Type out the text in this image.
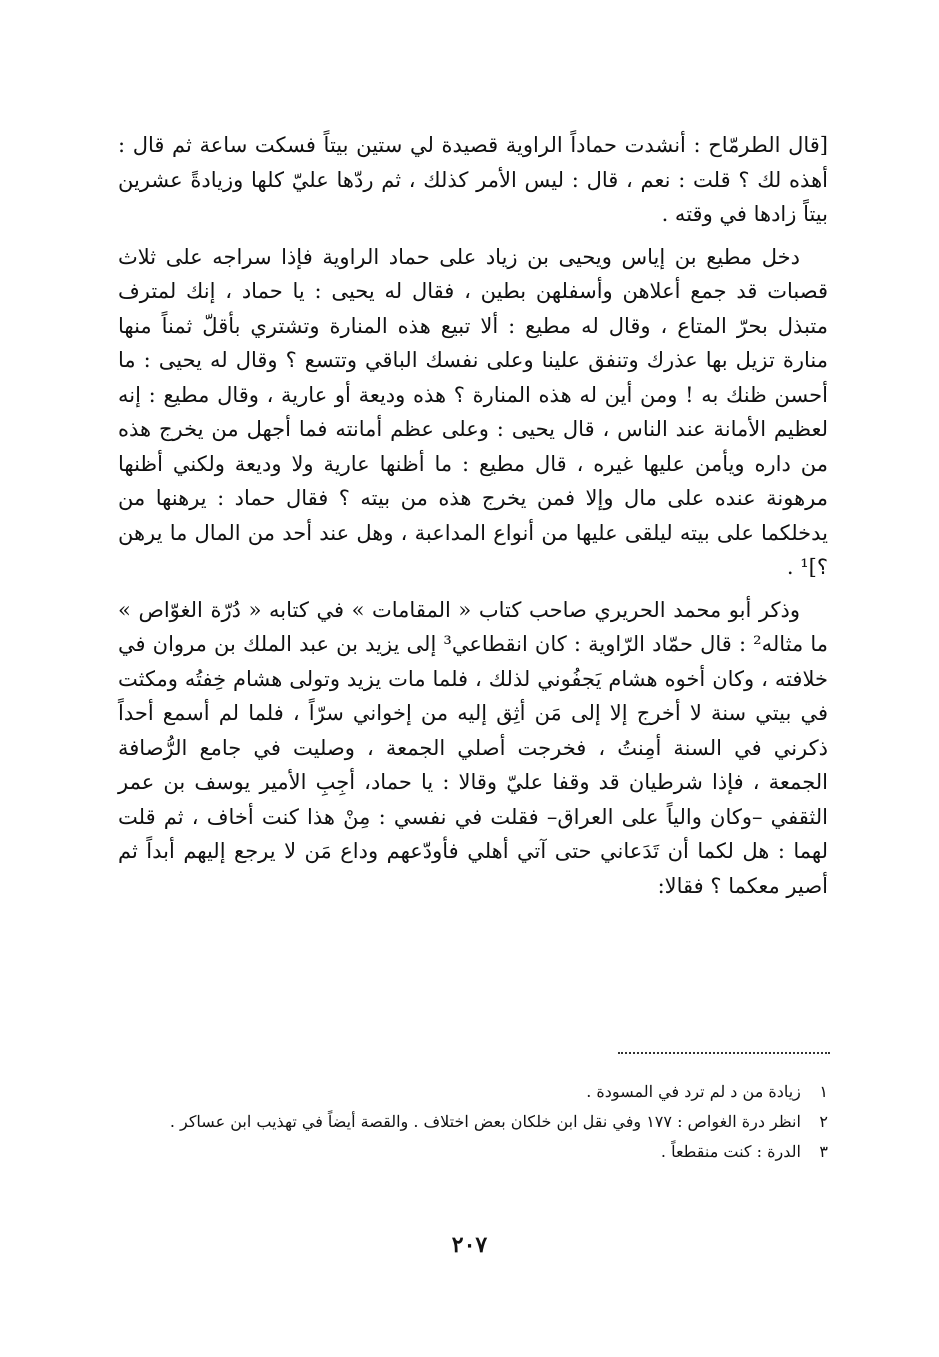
[قال الطرمّاح : أنشدت حماداً الراوية قصيدة لي ستين بيتاً فسكت ساعة ثم قال : أهذه لك ؟ قلت : نعم ، قال : ليس الأمر كذلك ، ثم ردّها عليّ كلها وزيادةً عشرين بيتاً زادها في وقته .

دخل مطيع بن إياس ويحيى بن زياد على حماد الراوية فإذا سراجه على ثلاث قصبات قد جمع أعلاهن وأسفلهن بطين ، فقال له يحيى : يا حماد ، إنك لمترف متبذل بحرّ المتاع ، وقال له مطيع : ألا تبيع هذه المنارة وتشتري بأقلّ ثمناً منها منارة تزيل بها عذرك وتنفق علينا وعلى نفسك الباقي وتتسع ؟ وقال له يحيى : ما أحسن ظنك به ! ومن أين له هذه المنارة ؟ هذه وديعة أو عارية ، وقال مطيع : إنه لعظيم الأمانة عند الناس ، قال يحيى : وعلى عظم أمانته فما أجهل من يخرج هذه من داره ويأمن عليها غيره ، قال مطيع : ما أظنها عارية ولا وديعة ولكني أظنها مرهونة عنده على مال وإلا فمن يخرج هذه من بيته ؟ فقال حماد : يرهنها من يدخلكما على بيته ليلقى عليها من أنواع المداعبة ، وهل عند أحد من المال ما يرهن ؟]¹ .

وذكر أبو محمد الحريري صاحب كتاب « المقامات » في كتابه « دُرّة الغوّاص » ما مثاله² : قال حمّاد الرّاوية : كان انقطاعي³ إلى يزيد بن عبد الملك بن مروان في خلافته ، وكان أخوه هشام يَجفُوني لذلك ، فلما مات يزيد وتولى هشام خِفتُه ومكثت في بيتي سنة لا أخرج إلا إلى مَن أثِق إليه من إخواني سرّاً ، فلما لم أسمع أحداً ذكرني في السنة أمِنتُ ، فخرجت أصلي الجمعة ، وصليت في جامع الرُّصافة الجمعة ، فإذا شرطيان قد وقفا عليّ وقالا : يا حماد، أجِبِ الأمير يوسف بن عمر الثقفي –وكان والياً على العراق– فقلت في نفسي : مِنْ هذا كنت أخاف ، ثم قلت لهما : هل لكما أن تَدَعاني حتى آتي أهلي فأودّعهم وداع مَن لا يرجع إليهم أبداً ثم أصير معكما ؟ فقالا:

١ زيادة من د لم ترد في المسودة .

٢ انظر درة الغواص : ١٧٧ وفي نقل ابن خلكان بعض اختلاف . والقصة أيضاً في تهذيب ابن عساكر .

٣ الدرة : كنت منقطعاً .

٢٠٧
